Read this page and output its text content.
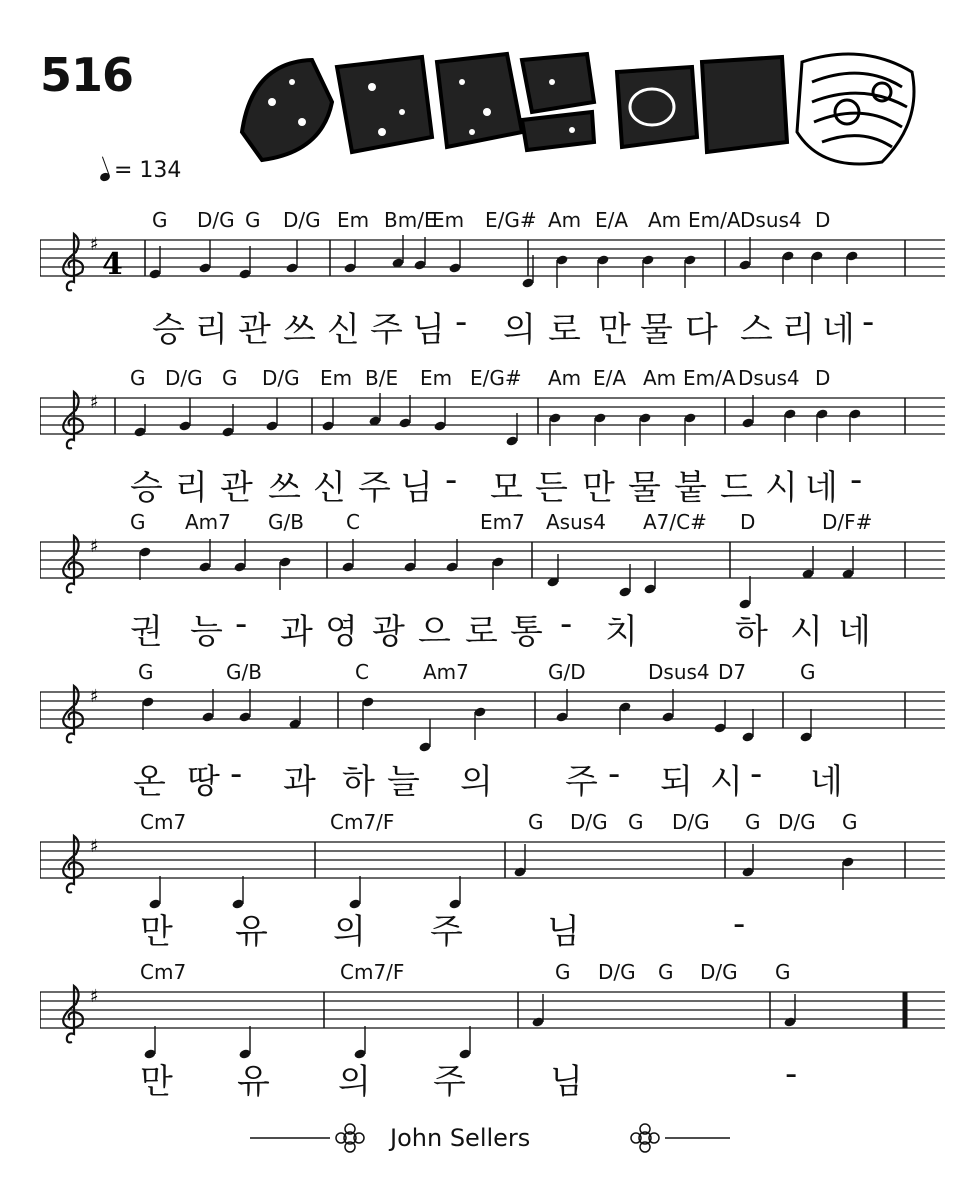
516
= 134
G D/G G D/G Em Bm/E
Em E/G# Am E/A Am Em/A Dsus4 D
♯
4
승 리 관 쓰 신 주 님 - 의 로 만 물 다 스 리 네 -
G D/G G D/G Em B/E Em E/G# Am E/A Am Em/A Dsus4 D
♯
승 리 관 쓰 신 주 님 - 모 든 만 물 붙 드 시 네 -
G Am7 G/B C	Em7 Asus4 A7/C# D	D/F#
♯
권 능 - 과 영 광 으 로 통 - 치	하 시 네
G	G/B	C	Am7	G/D	Dsus4 D7	G
♯
온 땅 - 과 하 늘 의 주 - 되 시 - 네
Cm7	Cm7/F	G D/G G D/G G D/G G
♯
만 유 의 주 님	-
Cm7	Cm7/F	G D/G G D/G G
♯
만 유 의 주 님	-
John Sellers
